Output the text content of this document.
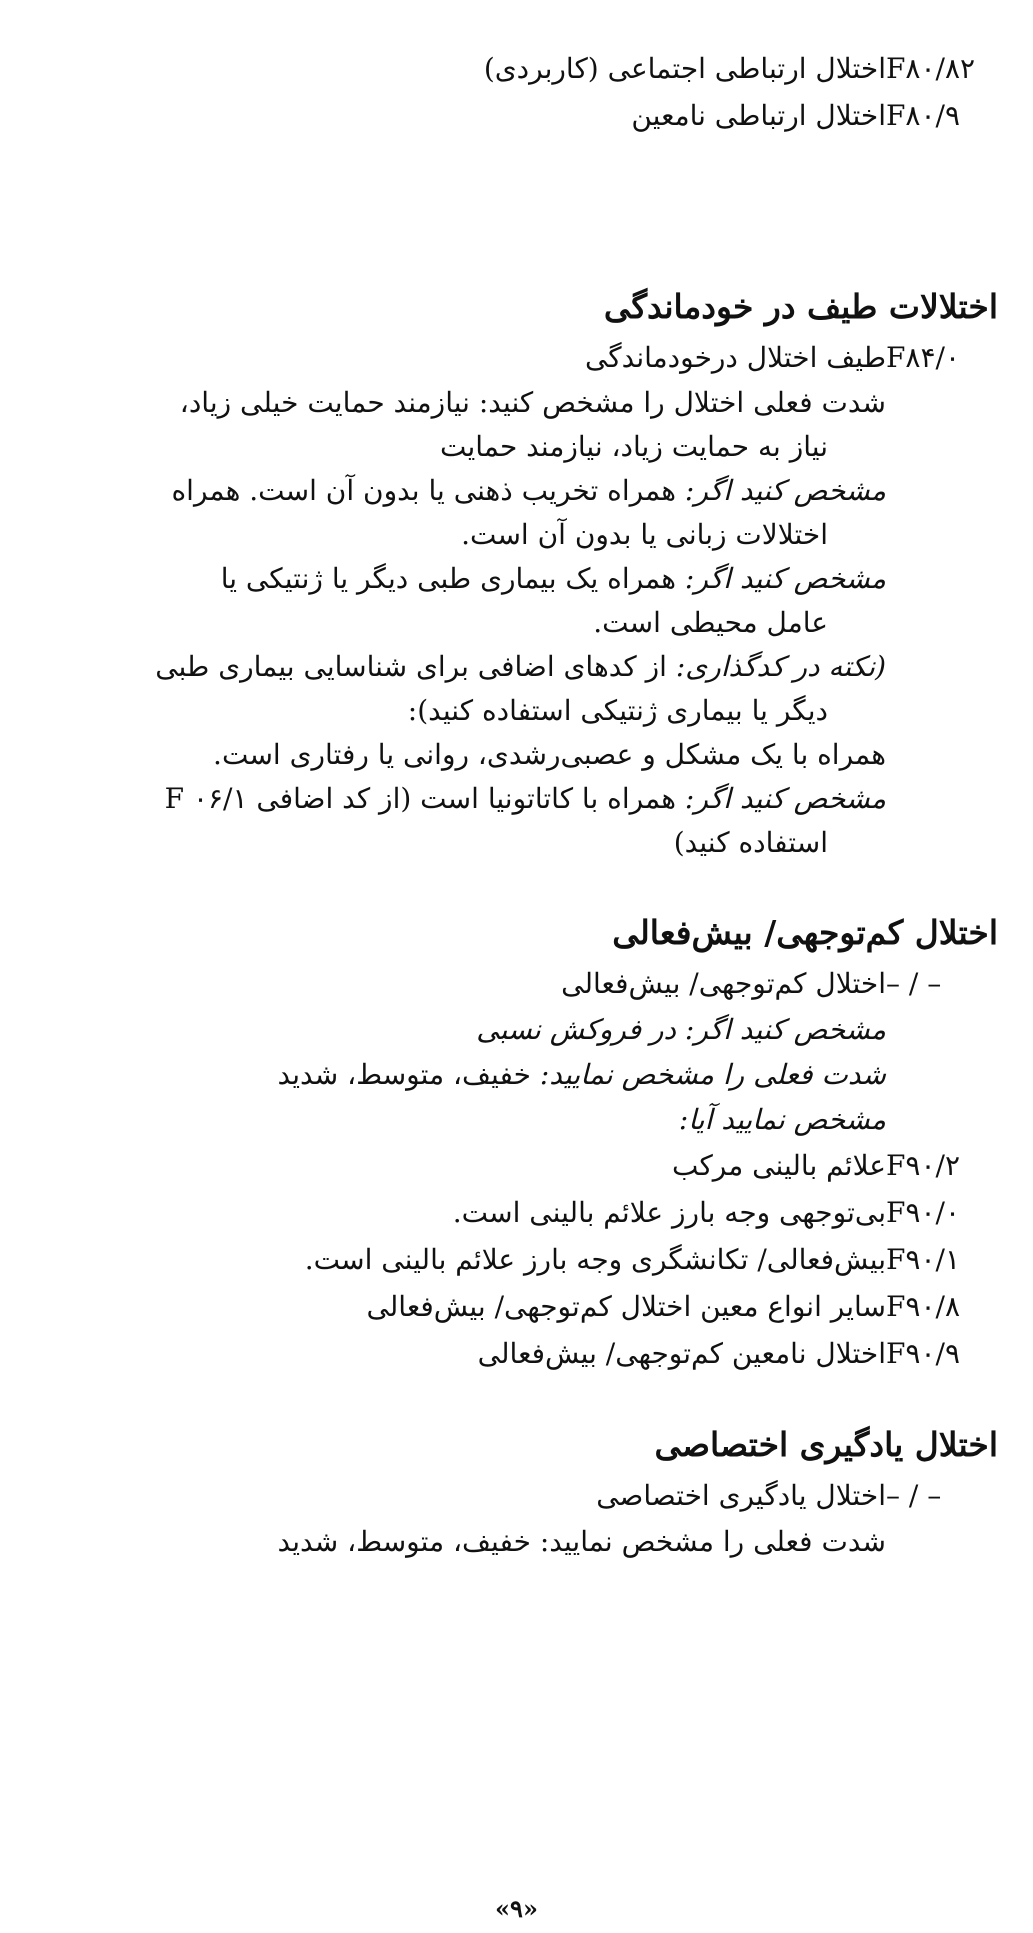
F۸۰/۸۲
اختلال ارتباطی اجتماعی (کاربردی)
F۸۰/۹
اختلال ارتباطی نامعین
اختلالات طیف در خودماندگی
F۸۴/۰
طیف اختلال درخودماندگی
شدت فعلی اختلال را مشخص کنید: نیازمند حمایت خیلی زیاد،
نیاز به حمایت زیاد، نیازمند حمایت
مشخص کنید اگر: همراه تخریب ذهنی یا بدون آن است. همراه
اختلالات زبانی یا بدون آن است.
مشخص کنید اگر: همراه یک بیماری طبی دیگر یا ژنتیکی یا
عامل محیطی است.
(نکته در کدگذاری: از کدهای اضافی برای شناسایی بیماری طبی
دیگر یا بیماری ژنتیکی استفاده کنید):
همراه با یک مشکل و عصبی‌رشدی، روانی یا رفتاری است.
مشخص کنید اگر: همراه با کاتاتونیا است (از کد اضافی F ۰۶/۱
استفاده کنید)
اختلال کم‌توجهی/ بیش‌فعالی
– / –
اختلال کم‌توجهی/ بیش‌فعالی
مشخص کنید اگر: در فروکش نسبی
شدت فعلی را مشخص نمایید: خفیف، متوسط، شدید
مشخص نمایید آیا:
F۹۰/۲
علائم بالینی مرکب
F۹۰/۰
بی‌توجهی وجه بارز علائم بالینی است.
F۹۰/۱
بیش‌فعالی/ تکانشگری وجه بارز علائم بالینی است.
F۹۰/۸
سایر انواع معین اختلال کم‌توجهی/ بیش‌فعالی
F۹۰/۹
اختلال نامعین کم‌توجهی/ بیش‌فعالی
اختلال یادگیری اختصاصی
– / –
اختلال یادگیری اختصاصی
شدت فعلی را مشخص نمایید: خفیف، متوسط، شدید
«۹»
